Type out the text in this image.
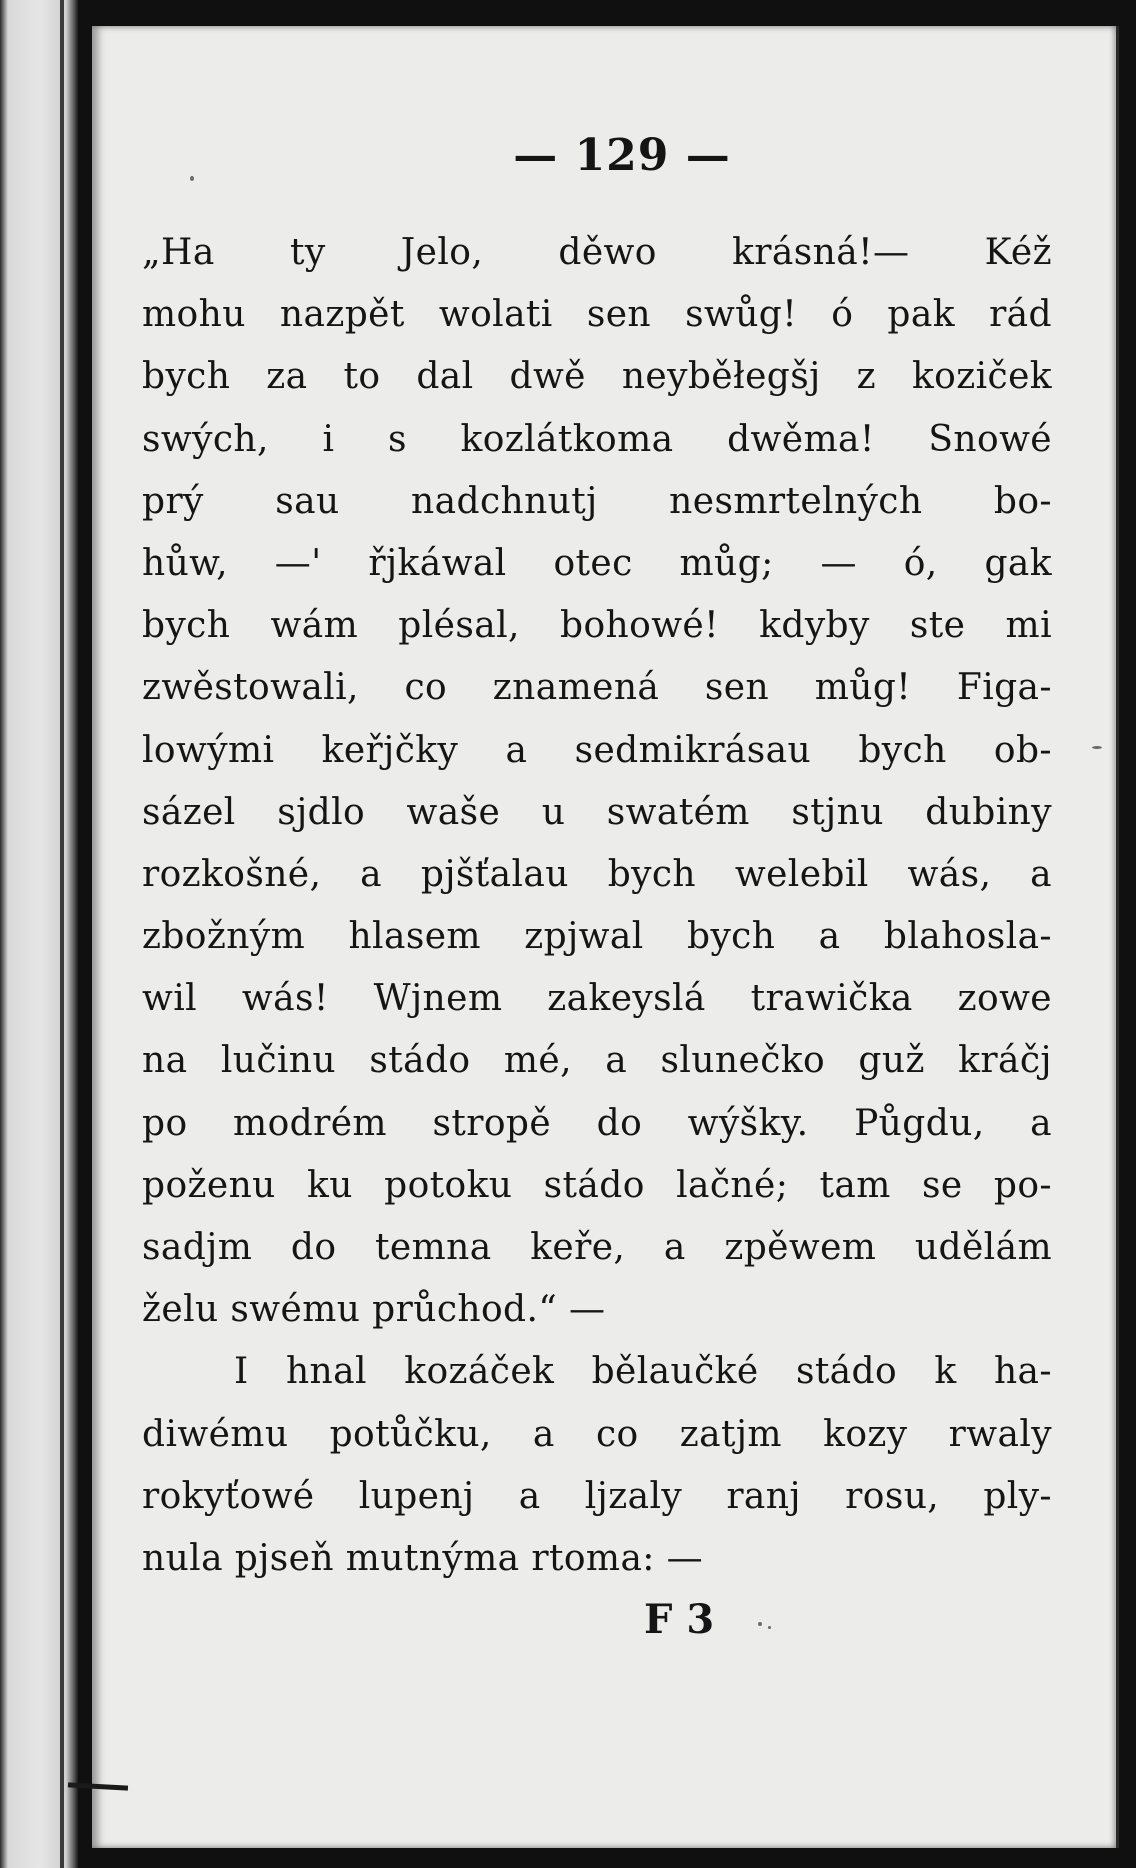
— 129 —
„Ha ty Jelo, děwo krásná!— Kéž
mohu nazpět wolati sen swůg! ó pak rád
bych za to dal dwě neyběłegšj z koziček
swých, i s kozlátkoma dwěma! Snowé
prý sau nadchnutj nesmrtelných bo-
hůw, —' řjkáwal otec můg; — ó, gak
bych wám plésal, bohowé! kdyby ste mi
zwěstowali, co znamená sen můg! Figa-
lowými keřjčky a sedmikrásau bych ob-
sázel sjdlo waše u swatém stjnu dubiny
rozkošné, a pjšťalau bych welebil wás, a
zbožným hlasem zpjwal bych a blahosla-
wil wás! Wjnem zakeyslá trawička zowe
na lučinu stádo mé, a slunečko guž kráčj
po modrém stropě do wýšky. Půgdu, a
poženu ku potoku stádo lačné; tam se po-
sadjm do temna keře, a zpěwem udělám
želu swému průchod.“ —
I hnal kozáček bělaučké stádo k ha-
diwému potůčku, a co zatjm kozy rwaly
rokyťowé lupenj a ljzaly ranj rosu, ply-
nula pjseň mutnýma rtoma: —
F 3
